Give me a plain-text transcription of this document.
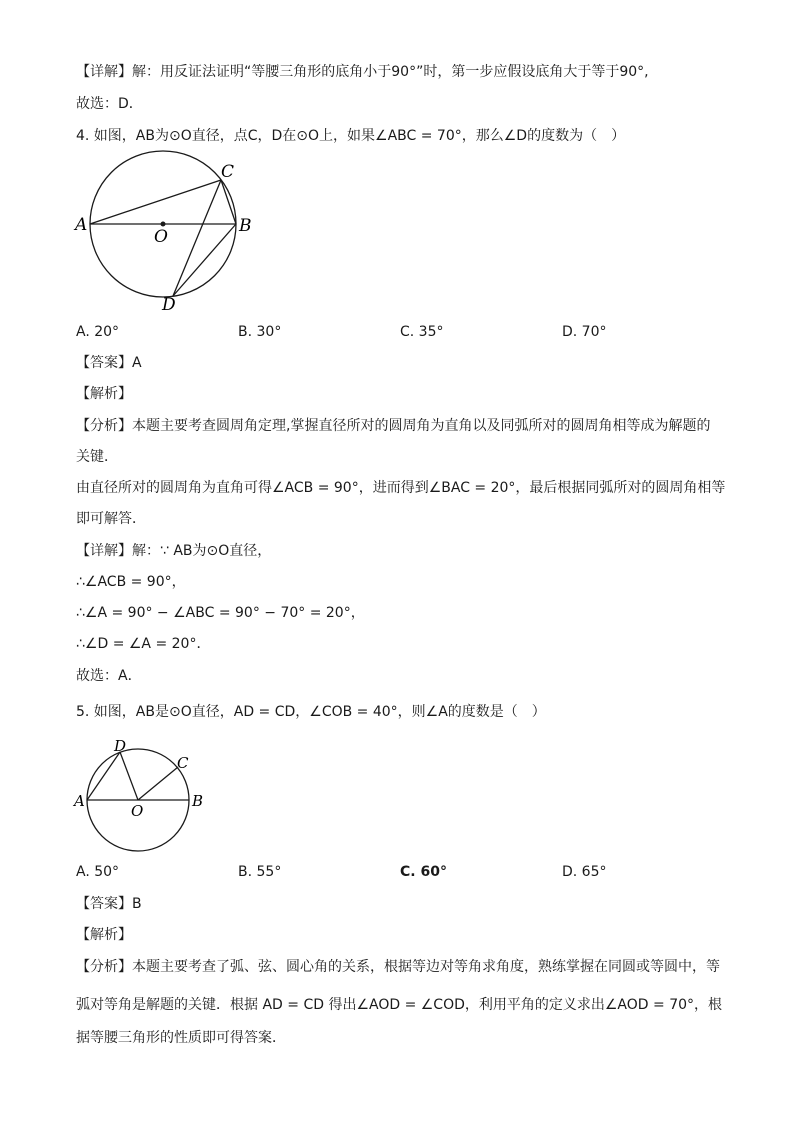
【详解】解：用反证法证明“等腰三角形的底角小于90°”时，第一步应假设底角大于等于90°,
故选：D．
4. 如图，AB为⊙O直径，点C，D在⊙O上，如果∠ABC = 70°，那么∠D的度数为（　）
A	B
C
D
O
A. 20°	B. 30°	C. 35°	D. 70°
【答案】A
【解析】
【分析】本题主要考查圆周角定理,掌握直径所对的圆周角为直角以及同弧所对的圆周角相等成为解题的
关键．
由直径所对的圆周角为直角可得∠ACB = 90°，进而得到∠BAC = 20°，最后根据同弧所对的圆周角相等
即可解答．
【详解】解：∵ AB为⊙O直径，
∴∠ACB = 90°，
∴∠A = 90° − ∠ABC = 90° − 70° = 20°，
∴∠D = ∠A = 20°．
故选：A．
5. 如图，AB是⊙O直径，AD = CD，∠COB = 40°，则∠A的度数是（　）
A	B
C
D
O
A. 50°	B. 55°	C. 60°	D. 65°
【答案】B
【解析】
【分析】本题主要考查了弧、弦、圆心角的关系，根据等边对等角求角度，熟练掌握在同圆或等圆中，等
弧对等角是解题的关键．根据 AD = CD 得出∠AOD = ∠COD，利用平角的定义求出∠AOD = 70°，根
据等腰三角形的性质即可得答案．
